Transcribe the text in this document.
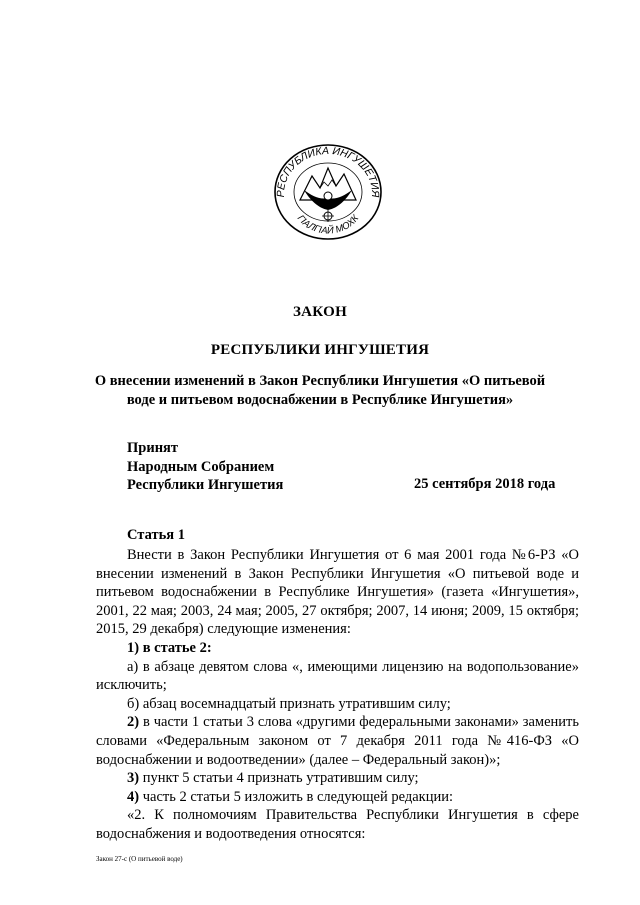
РЕСПУБЛИКА ИНГУШЕТИЯ
ГIАЛГIАЙ МОХК
ЗАКОН
РЕСПУБЛИКИ ИНГУШЕТИЯ
О внесении изменений в Закон Республики Ингушетия «О питьевой
воде и питьевом водоснабжении в Республике Ингушетия»
Принят
Народным Собранием
Республики Ингушетия	25 сентября 2018 года
Статья 1

Внести в Закон Республики Ингушетия от 6 мая 2001 года №6-РЗ «О внесении изменений в Закон Республики Ингушетия «О питьевой воде и питьевом водоснабжении в Республике Ингушетия» (газета «Ингушетия», 2001, 22 мая; 2003, 24 мая; 2005, 27 октября; 2007, 14 июня; 2009, 15 октября; 2015, 29 декабря) следующие изменения:

1) в статье 2:

а) в абзаце девятом слова «, имеющими лицензию на водопользование» исключить;

б) абзац восемнадцатый признать утратившим силу;

2) в части 1 статьи 3 слова «другими федеральными законами» заменить словами «Федеральным законом от 7 декабря 2011 года №416-ФЗ «О водоснабжении и водоотведении» (далее – Федеральный закон)»;

3) пункт 5 статьи 4 признать утратившим силу;

4) часть 2 статьи 5 изложить в следующей редакции:

«2. К полномочиям Правительства Республики Ингушетия в сфере водоснабжения и водоотведения относятся:

Закон 27-с (О питьевой воде)
